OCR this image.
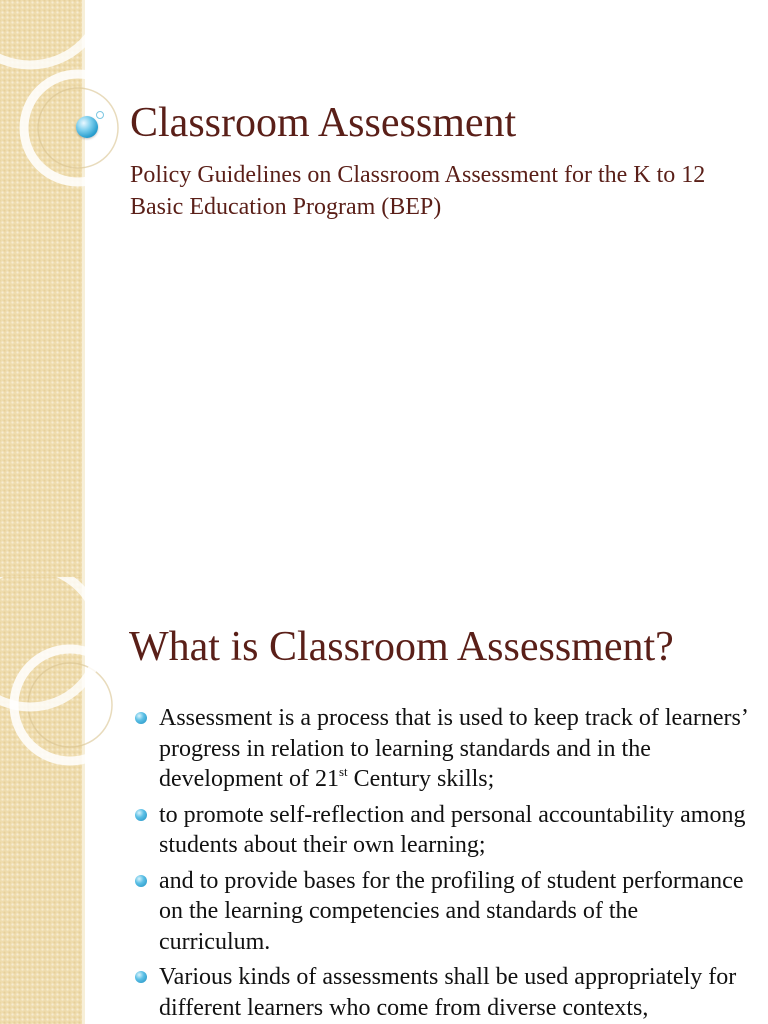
Classroom Assessment

Policy Guidelines on Classroom Assessment for the K to 12 Basic Education Program (BEP)

What is Classroom Assessment?
Assessment is a process that is used to keep track of learners’ progress in relation to learning standards and in the development of 21st Century skills;
to promote self-reflection and personal accountability among students about their own learning;
and to provide bases for the profiling of student performance on the learning competencies and standards of the curriculum.
Various kinds of assessments shall be used appropriately for different learners who come from diverse contexts,
